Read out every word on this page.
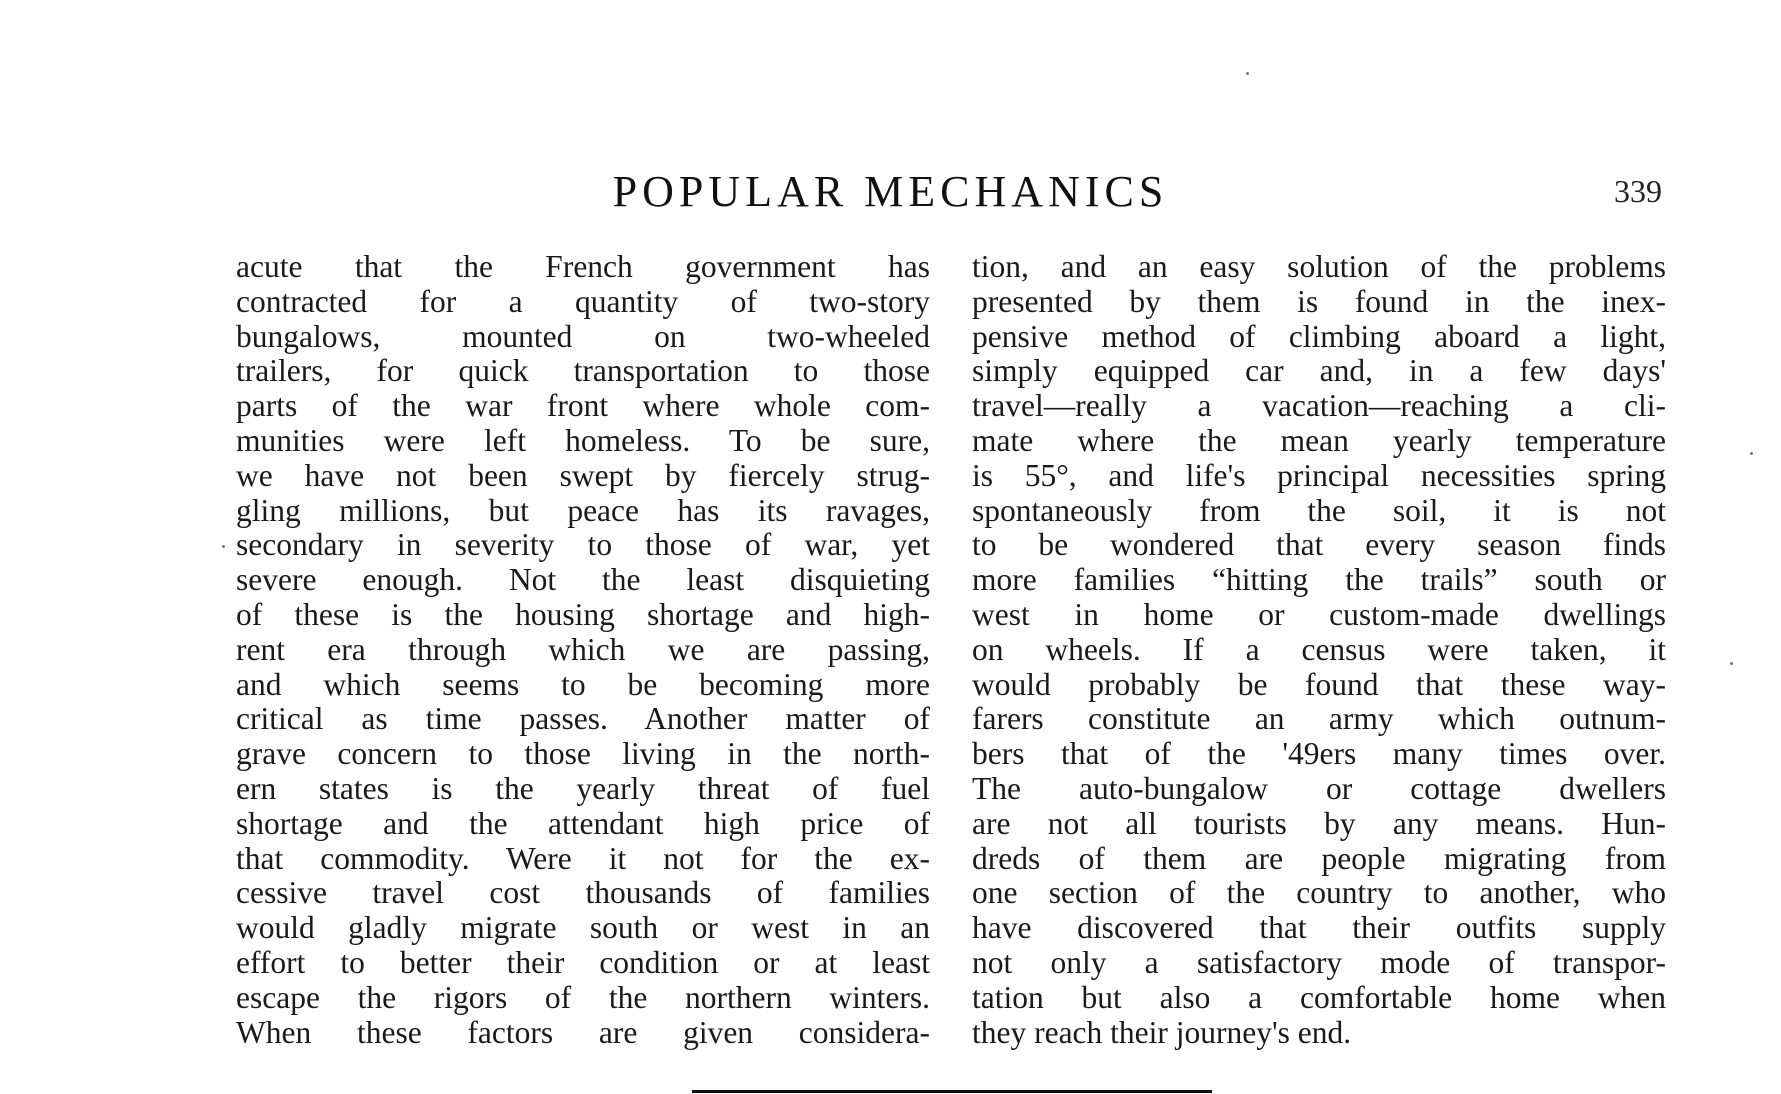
POPULAR MECHANICS	339
acute that the French government has
contracted for a quantity of two-story
bungalows, mounted on two-wheeled
trailers, for quick transportation to those
parts of the war front where whole com-
munities were left homeless. To be sure,
we have not been swept by fiercely strug-
gling millions, but peace has its ravages,
secondary in severity to those of war, yet
severe enough. Not the least disquieting
of these is the housing shortage and high-
rent era through which we are passing,
and which seems to be becoming more
critical as time passes. Another matter of
grave concern to those living in the north-
ern states is the yearly threat of fuel
shortage and the attendant high price of
that commodity. Were it not for the ex-
cessive travel cost thousands of families
would gladly migrate south or west in an
effort to better their condition or at least
escape the rigors of the northern winters.
When these factors are given considera-
tion, and an easy solution of the problems
presented by them is found in the inex-
pensive method of climbing aboard a light,
simply equipped car and, in a few days'
travel—really a vacation—reaching a cli-
mate where the mean yearly temperature
is 55°, and life's principal necessities spring
spontaneously from the soil, it is not
to be wondered that every season finds
more families “hitting the trails” south or
west in home or custom-made dwellings
on wheels. If a census were taken, it
would probably be found that these way-
farers constitute an army which outnum-
bers that of the '49ers many times over.
The auto-bungalow or cottage dwellers
are not all tourists by any means. Hun-
dreds of them are people migrating from
one section of the country to another, who
have discovered that their outfits supply
not only a satisfactory mode of transpor-
tation but also a comfortable home when
they reach their journey's end.
